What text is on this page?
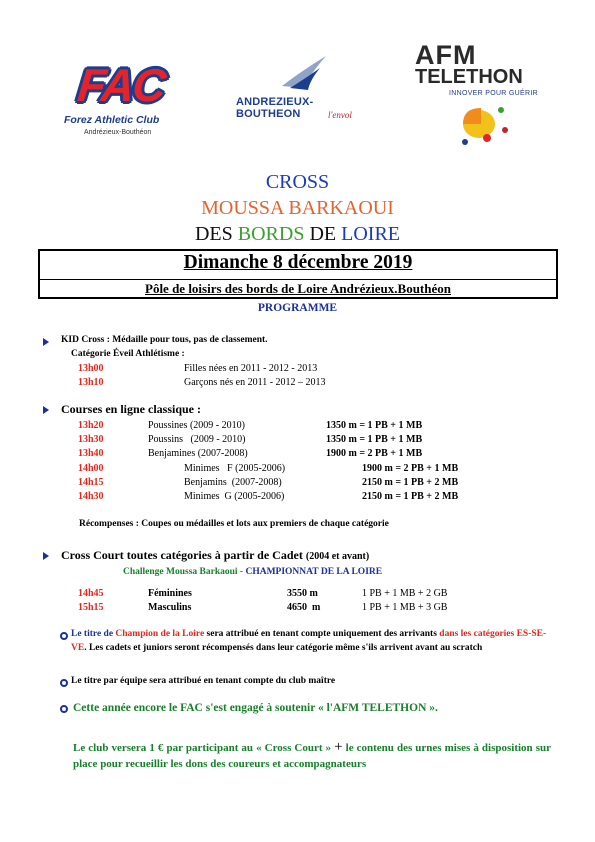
FAC
Forez Athletic Club
Andrézieux-Bouthéon
ANDREZIEUX-BOUTHEON	l'envol
AFM
TELETHON
INNOVER POUR GUÉRIR
CROSS
MOUSSA BARKAOUI
DES BORDS DE LOIRE
Dimanche 8 décembre 2019
Pôle de loisirs des bords de Loire Andrézieux.Bouthéon
PROGRAMME
KID Cross : Médaille pour tous, pas de classement.
Catégorie Éveil Athlétisme :
13h00	Filles nées en 2011 - 2012 - 2013
13h10	Garçons nés en 2011 - 2012 – 2013
Courses en ligne classique :
13h20	Poussines (2009 - 2010)	1350 m = 1 PB + 1 MB
13h30	Poussins   (2009 - 2010)	1350 m = 1 PB + 1 MB
13h40	Benjamines (2007-2008)	1900 m = 2 PB + 1 MB
14h00	Minimes   F (2005-2006)	1900 m = 2 PB + 1 MB
14h15	Benjamins  (2007-2008)	2150 m = 1 PB + 2 MB
14h30	Minimes  G (2005-2006)	2150 m = 1 PB + 2 MB
Récompenses : Coupes ou médailles et lots aux premiers de chaque catégorie
Cross Court toutes catégories à partir de Cadet (2004 et avant)
Challenge Moussa Barkaoui - CHAMPIONNAT DE LA LOIRE
14h45	Féminines	3550 m	1 PB + 1 MB + 2 GB
15h15	Masculins	4650  m	1 PB + 1 MB + 3 GB
Le titre de Champion de la Loire sera attribué en tenant compte uniquement des arrivants dans les catégories ES-SE-VE. Les cadets et juniors seront récompensés dans leur catégorie même s'ils arrivent avant au scratch
Le titre par équipe sera attribué en tenant compte du club maître
Cette année encore le FAC s'est engagé à soutenir « l'AFM TELETHON ».
Le club versera 1 € par participant au « Cross Court » + le contenu des urnes mises à disposition sur place pour recueillir les dons des coureurs et accompagnateurs
